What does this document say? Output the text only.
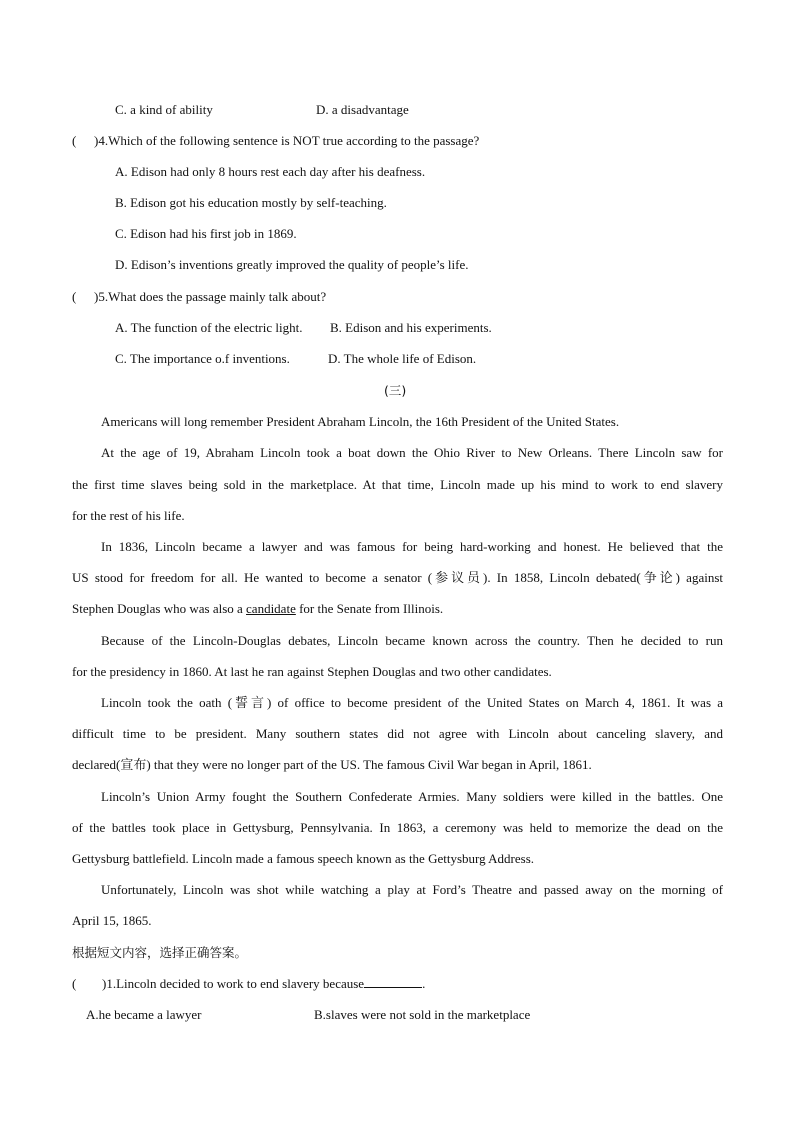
C. a kind of ability	D. a disadvantage
( )4.Which of the following sentence is NOT true according to the passage?
A. Edison had only 8 hours rest each day after his deafness.
B. Edison got his education mostly by self-teaching.
C. Edison had his first job in 1869.
D. Edison’s inventions greatly improved the quality of people’s life.
( )5.What does the passage mainly talk about?
A. The function of the electric light. B. Edison and his experiments.
C. The importance o.f inventions.	D. The whole life of Edison.
(三)
Americans will long remember President Abraham Lincoln, the 16th President of the United States.
At the age of 19, Abraham Lincoln took a boat down the Ohio River to New Orleans. There Lincoln saw for
the first time slaves being sold in the marketplace. At that time, Lincoln made up his mind to work to end slavery
for the rest of his life.
In 1836, Lincoln became a lawyer and was famous for being hard-working and honest. He believed that the
US stood for freedom for all. He wanted to become a senator (参议员). In 1858, Lincoln debated(争论) against
Stephen Douglas who was also a candidate for the Senate from Illinois.
Because of the Lincoln-Douglas debates, Lincoln became known across the country. Then he decided to run
for the presidency in 1860. At last he ran against Stephen Douglas and two other candidates.
Lincoln took the oath (誓言) of office to become president of the United States on March 4, 1861. It was a
difficult time to be president. Many southern states did not agree with Lincoln about canceling slavery, and
declared(宣布) that they were no longer part of the US. The famous Civil War began in April, 1861.
Lincoln’s Union Army fought the Southern Confederate Armies. Many soldiers were killed in the battles. One
of the battles took place in Gettysburg, Pennsylvania. In 1863, a ceremony was held to memorize the dead on the
Gettysburg battlefield. Lincoln made a famous speech known as the Gettysburg Address.
Unfortunately, Lincoln was shot while watching a play at Ford’s Theatre and passed away on the morning of
April 15, 1865.
根据短文内容，选择正确答案。
( )1.Lincoln decided to work to end slavery because	.
A.he became a lawyer	B.slaves were not sold in the marketplace
